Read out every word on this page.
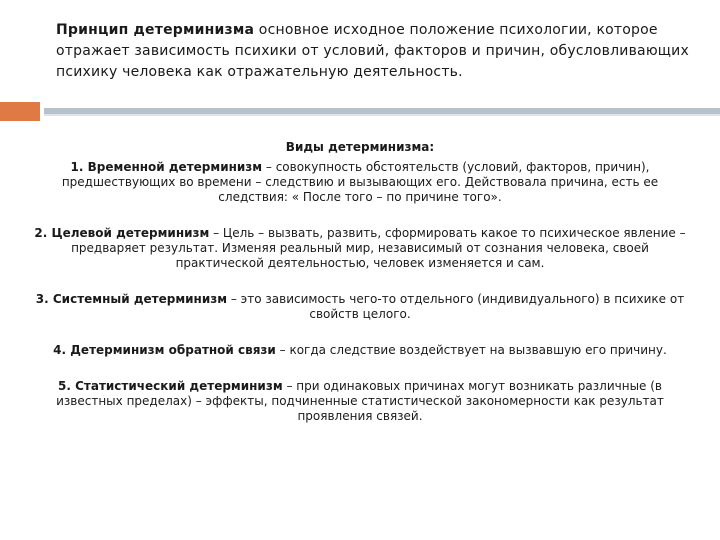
Принцип детерминизма основное исходное положение психологии, которое отражает зависимость психики от условий, факторов и причин, обусловливающих психику человека как отражательную деятельность.

Виды детерминизма:

1. Временной детерминизм – совокупность обстоятельств (условий, факторов, причин), предшествующих во времени – следствию и вызывающих его. Действовала причина, есть ее следствия: « После того – по причине того».

2. Целевой детерминизм – Цель – вызвать, развить, сформировать какое то психическое явление – предваряет результат. Изменяя реальный мир, независимый от сознания человека, своей практической деятельностью, человек изменяется и сам.

3. Системный детерминизм – это зависимость чего-то отдельного (индивидуального) в психике от свойств целого.

4. Детерминизм обратной связи – когда следствие воздействует на вызвавшую его причину.

5. Статистический детерминизм – при одинаковых причинах могут возникать различные (в известных пределах) – эффекты, подчиненные статистической закономерности как результат проявления связей.
